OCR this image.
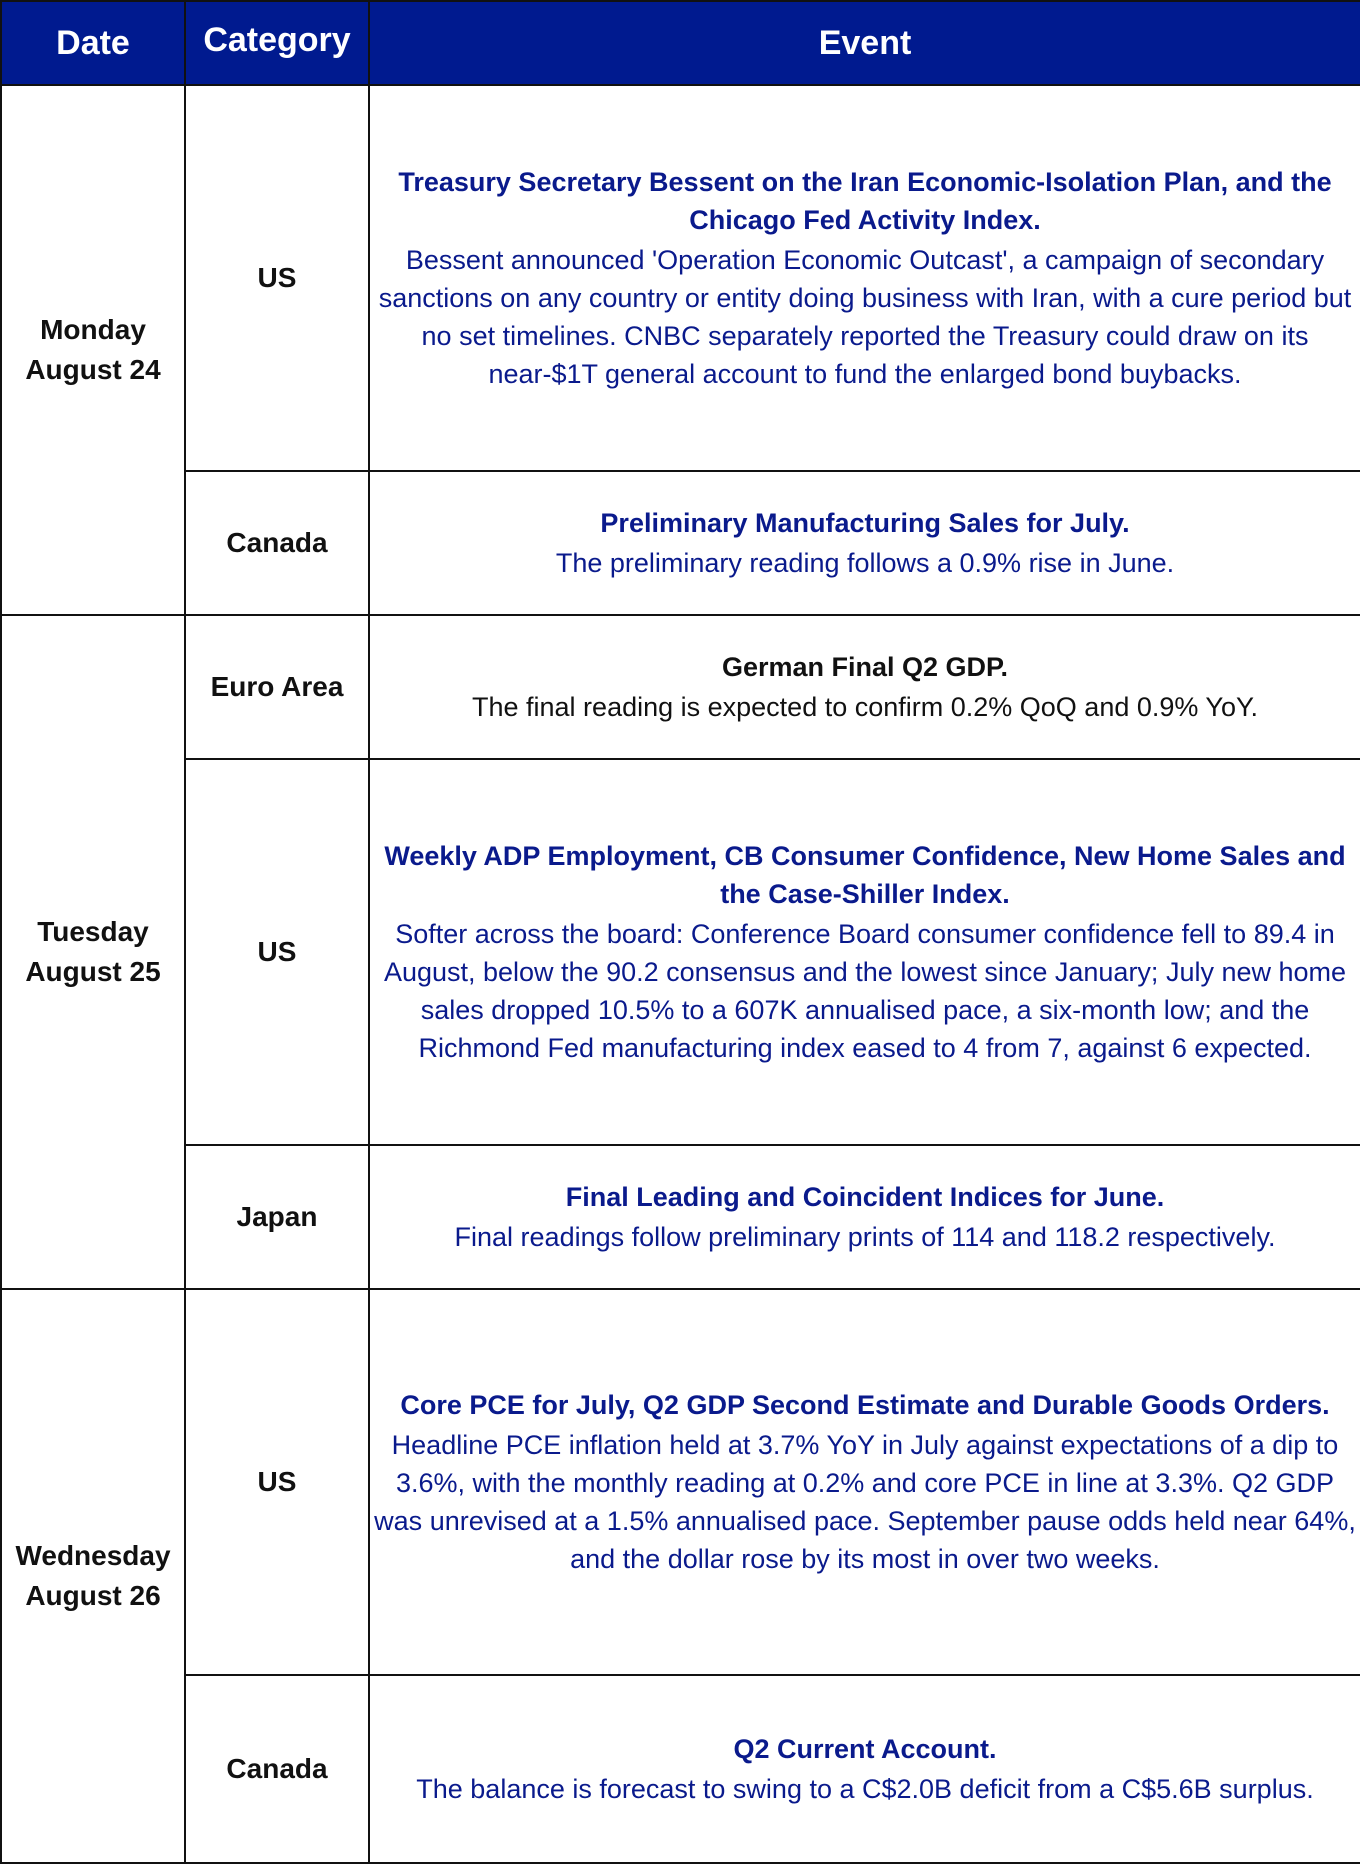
Date	Category	Event

Monday
August 24	US	Treasury Secretary Bessent on the Iran Economic-Isolation Plan, and the Chicago Fed Activity Index.
Bessent announced 'Operation Economic Outcast', a campaign of secondary sanctions on any country or entity doing business with Iran, with a cure period but no set timelines. CNBC separately reported the Treasury could draw on its near-$1T general account to fund the enlarged bond buybacks.

	Canada	Preliminary Manufacturing Sales for July.
The preliminary reading follows a 0.9% rise in June.

Tuesday
August 25	Euro Area	German Final Q2 GDP.
The final reading is expected to confirm 0.2% QoQ and 0.9% YoY.

	US	Weekly ADP Employment, CB Consumer Confidence, New Home Sales and the Case-Shiller Index.
Softer across the board: Conference Board consumer confidence fell to 89.4 in August, below the 90.2 consensus and the lowest since January; July new home sales dropped 10.5% to a 607K annualised pace, a six-month low; and the Richmond Fed manufacturing index eased to 4 from 7, against 6 expected.

	Japan	Final Leading and Coincident Indices for June.
Final readings follow preliminary prints of 114 and 118.2 respectively.

Wednesday
August 26	US	Core PCE for July, Q2 GDP Second Estimate and Durable Goods Orders.
Headline PCE inflation held at 3.7% YoY in July against expectations of a dip to 3.6%, with the monthly reading at 0.2% and core PCE in line at 3.3%. Q2 GDP was unrevised at a 1.5% annualised pace. September pause odds held near 64%, and the dollar rose by its most in over two weeks.

	Canada	Q2 Current Account.
The balance is forecast to swing to a C$2.0B deficit from a C$5.6B surplus.
